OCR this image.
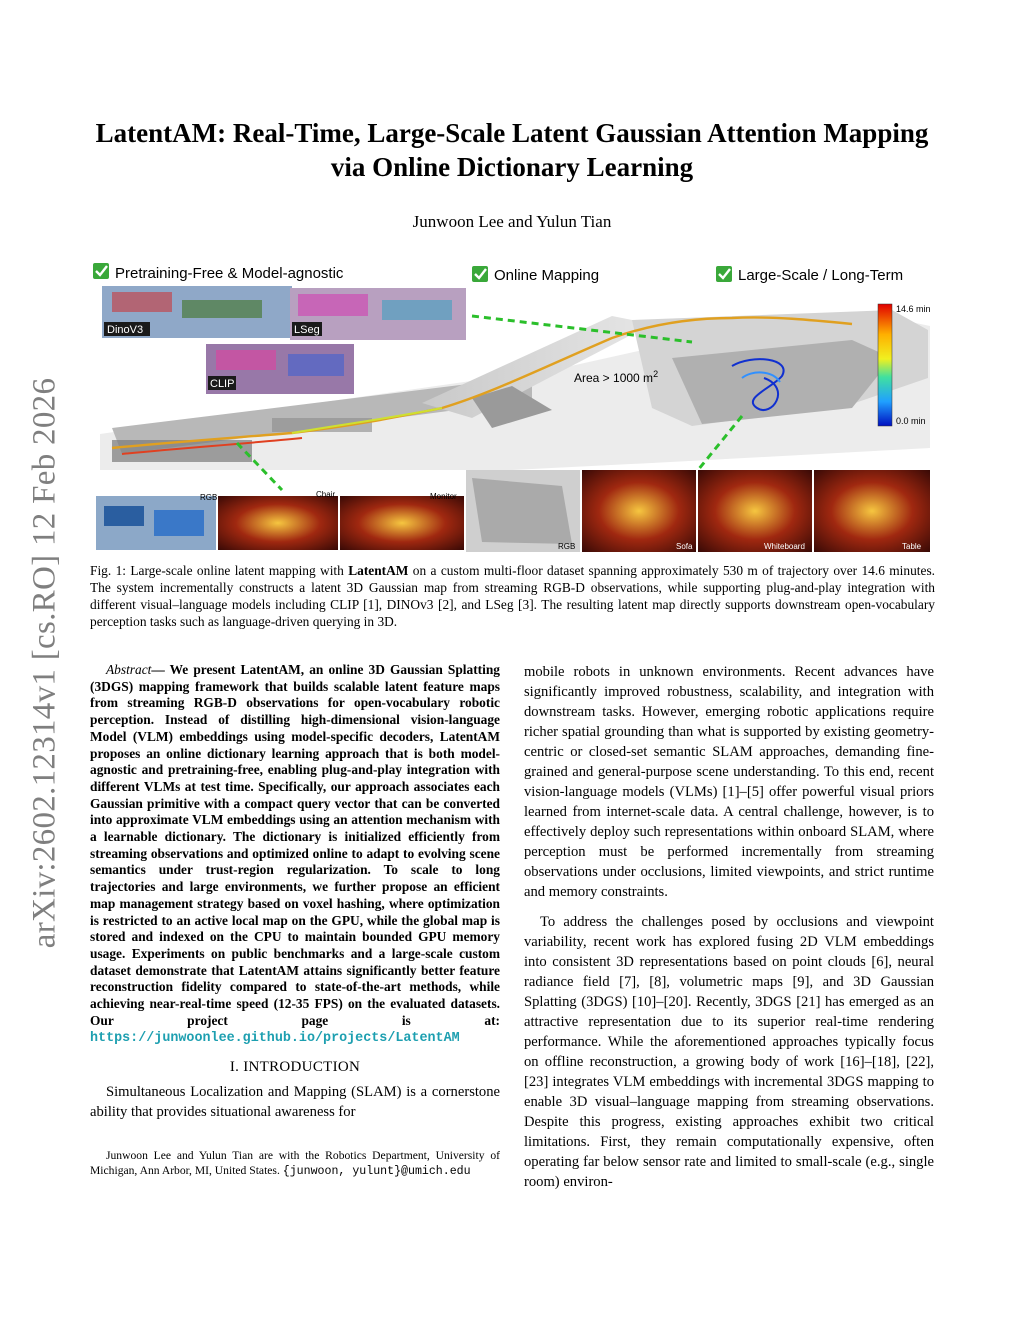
arXiv:2602.12314v1 [cs.RO] 12 Feb 2026
LatentAM: Real-Time, Large-Scale Latent Gaussian Attention Mapping
via Online Dictionary Learning
Junwoon Lee and Yulun Tian
Pretraining-Free & Model-agnostic	Online Mapping	Large-Scale / Long-Term
Area > 1000 $m^2$
DinoV3	LSeg
CLIP
14.6 min
0.0 min
RGB	Chair	Monitor
RGB	Sofa	Whiteboard	Table
Fig. 1: Large-scale online latent mapping with LatentAM on a custom multi-floor dataset spanning approximately 530 m of trajectory over 14.6 minutes. The system incrementally constructs a latent 3D Gaussian map from streaming RGB-D observations, while supporting plug-and-play integration with different visual–language models including CLIP [1], DINOv3 [2], and LSeg [3]. The resulting latent map directly supports downstream open-vocabulary perception tasks such as language-driven querying in 3D.

Abstract— We present LatentAM, an online 3D Gaussian Splatting (3DGS) mapping framework that builds scalable latent feature maps from streaming RGB-D observations for open-vocabulary robotic perception. Instead of distilling high-dimensional vision-language Model (VLM) embeddings using model-specific decoders, LatentAM proposes an online dictionary learning approach that is both model-agnostic and pretraining-free, enabling plug-and-play integration with different VLMs at test time. Specifically, our approach associates each Gaussian primitive with a compact query vector that can be converted into approximate VLM embeddings using an attention mechanism with a learnable dictionary. The dictionary is initialized efficiently from streaming observations and optimized online to adapt to evolving scene semantics under trust-region regularization. To scale to long trajectories and large environments, we further propose an efficient map management strategy based on voxel hashing, where optimization is restricted to an active local map on the GPU, while the global map is stored and indexed on the CPU to maintain bounded GPU memory usage. Experiments on public benchmarks and a large-scale custom dataset demonstrate that LatentAM attains significantly better feature reconstruction fidelity compared to state-of-the-art methods, while achieving near-real-time speed (12-35 FPS) on the evaluated datasets. Our project page is at: https://junwoonlee.github.io/projects/LatentAM

I. INTRODUCTION

Simultaneous Localization and Mapping (SLAM) is a cornerstone ability that provides situational awareness for

Junwoon Lee and Yulun Tian are with the Robotics Department, University of Michigan, Ann Arbor, MI, United States. {junwoon, yulunt}@umich.edu

mobile robots in unknown environments. Recent advances have significantly improved robustness, scalability, and integration with downstream tasks. However, emerging robotic applications require richer spatial grounding than what is supported by existing geometry-centric or closed-set semantic SLAM approaches, demanding fine-grained and general-purpose scene understanding. To this end, recent vision-language models (VLMs) [1]–[5] offer powerful visual priors learned from internet-scale data. A central challenge, however, is to effectively deploy such representations within onboard SLAM, where perception must be performed incrementally from streaming observations under occlusions, limited viewpoints, and strict runtime and memory constraints.

To address the challenges posed by occlusions and viewpoint variability, recent work has explored fusing 2D VLM embeddings into consistent 3D representations based on point clouds [6], neural radiance field [7], [8], volumetric maps [9], and 3D Gaussian Splatting (3DGS) [10]–[20]. Recently, 3DGS [21] has emerged as an attractive representation due to its superior real-time rendering performance. While the aforementioned approaches typically focus on offline reconstruction, a growing body of work [16]–[18], [22], [23] integrates VLM embeddings with incremental 3DGS mapping to enable 3D visual–language mapping from streaming observations. Despite this progress, existing approaches exhibit two critical limitations. First, they remain computationally expensive, often operating far below sensor rate and limited to small-scale (e.g., single room) environ-
